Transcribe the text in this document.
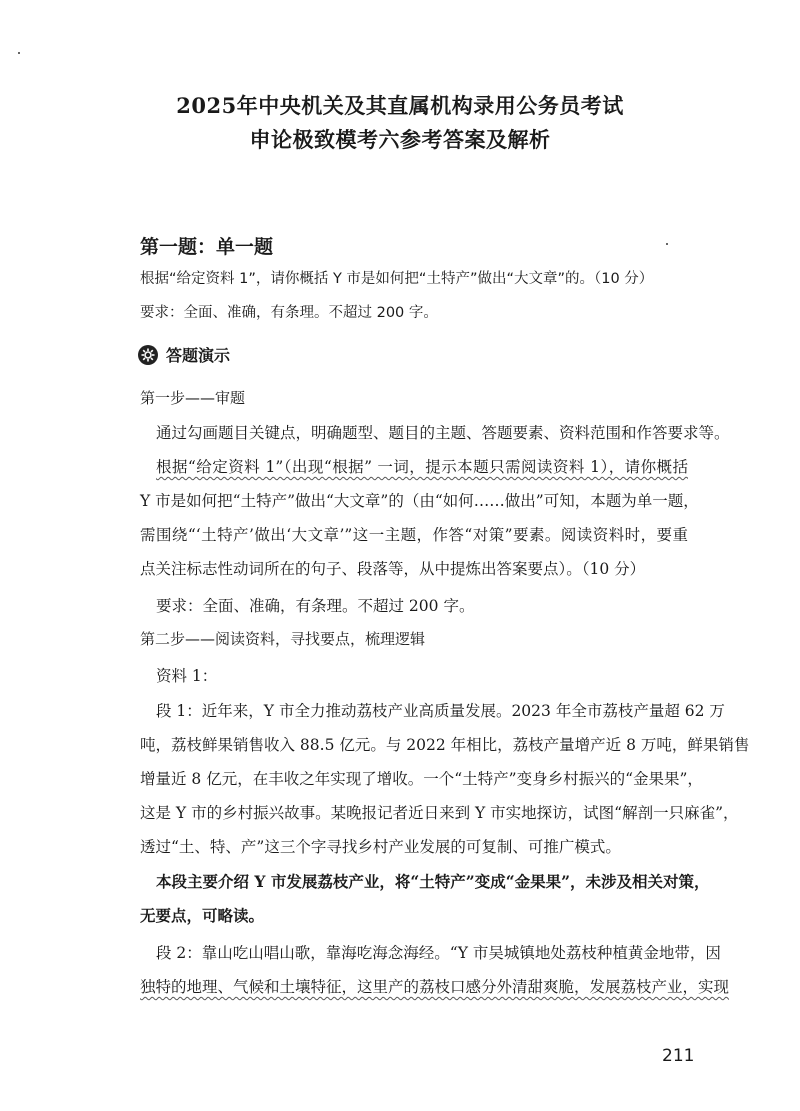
2025年中央机关及其直属机构录用公务员考试
申论极致模考六参考答案及解析
第一题：单一题
根据“给定资料 1”，请你概括 Y 市是如何把“土特产”做出“大文章”的。（10 分）
要求：全面、准确，有条理。不超过 200 字。
答题演示
第一步——审题
通过勾画题目关键点，明确题型、题目的主题、答题要素、资料范围和作答要求等。
根据“给定资料 1”（出现“根据” 一词，提示本题只需阅读资料 1），请你概括
Y 市是如何把“土特产”做出“大文章”的（由“如何……做出”可知，本题为单一题，
需围绕“‘土特产’做出‘大文章’”这一主题，作答“对策”要素。阅读资料时，要重
点关注标志性动词所在的句子、段落等，从中提炼出答案要点）。（10 分）
要求：全面、准确，有条理。不超过 200 字。
第二步——阅读资料，寻找要点，梳理逻辑
资料 1：
段 1：近年来，Y 市全力推动荔枝产业高质量发展。2023 年全市荔枝产量超 62 万
吨，荔枝鲜果销售收入 88.5 亿元。与 2022 年相比，荔枝产量增产近 8 万吨，鲜果销售
增量近 8 亿元，在丰收之年实现了增收。一个“土特产”变身乡村振兴的“金果果”，
这是 Y 市的乡村振兴故事。某晚报记者近日来到 Y 市实地探访，试图“解剖一只麻雀”，
透过“土、特、产”这三个字寻找乡村产业发展的可复制、可推广模式。
本段主要介绍 Y 市发展荔枝产业，将“土特产”变成“金果果”，未涉及相关对策，
无要点，可略读。
段 2：靠山吃山唱山歌，靠海吃海念海经。“Y 市吴城镇地处荔枝种植黄金地带，因
独特的地理、气候和土壤特征，这里产的荔枝口感分外清甜爽脆，发展荔枝产业，实现
211
